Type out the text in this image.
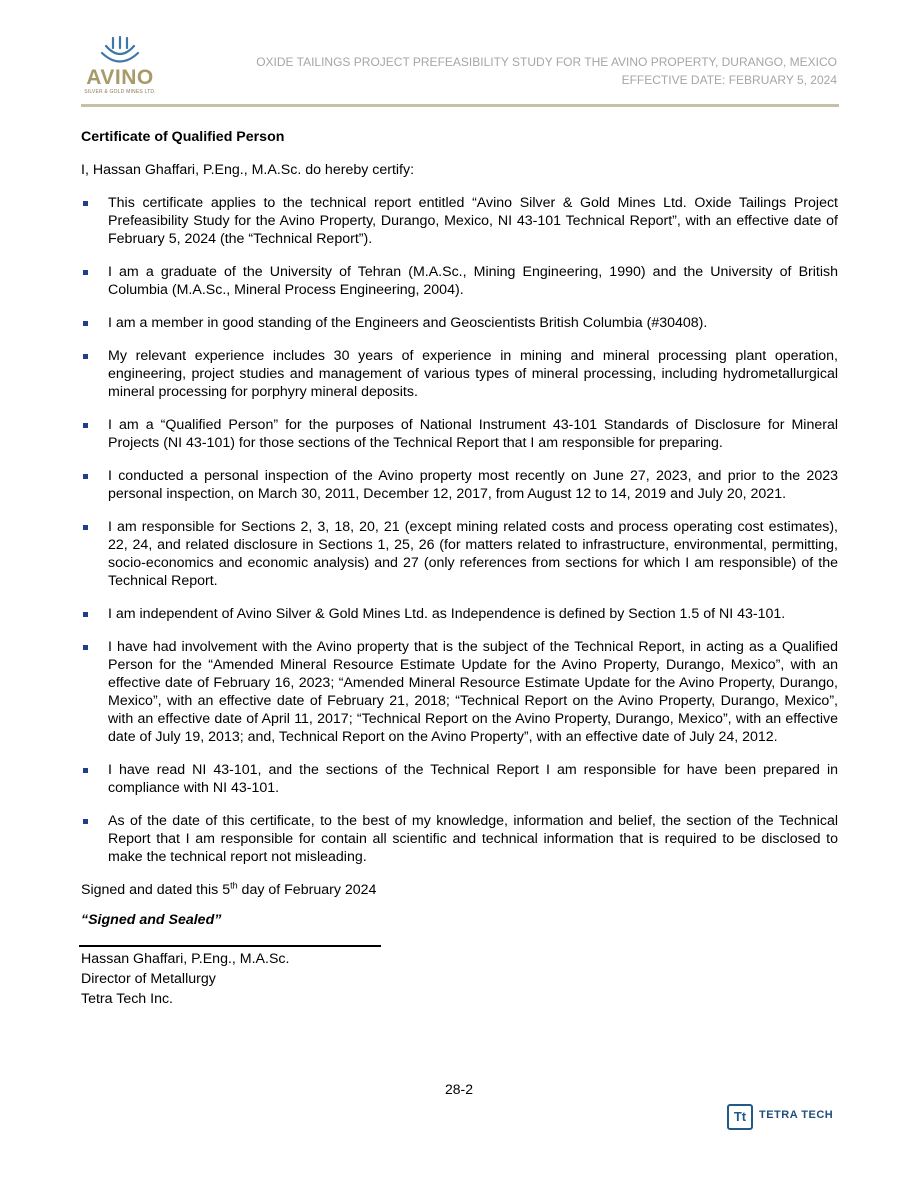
AVINO
SILVER & GOLD MINES LTD.
OXIDE TAILINGS PROJECT PREFEASIBILITY STUDY FOR THE AVINO PROPERTY, DURANGO, MEXICO
EFFECTIVE DATE: FEBRUARY 5, 2024
Certificate of Qualified Person
I, Hassan Ghaffari, P.Eng., M.A.Sc. do hereby certify:
This certificate applies to the technical report entitled “Avino Silver & Gold Mines Ltd. Oxide Tailings Project Prefeasibility Study for the Avino Property, Durango, Mexico, NI 43-101 Technical Report”, with an effective date of February 5, 2024 (the “Technical Report”).
I am a graduate of the University of Tehran (M.A.Sc., Mining Engineering, 1990) and the University of British Columbia (M.A.Sc., Mineral Process Engineering, 2004).
I am a member in good standing of the Engineers and Geoscientists British Columbia (#30408).
My relevant experience includes 30 years of experience in mining and mineral processing plant operation, engineering, project studies and management of various types of mineral processing, including hydrometallurgical mineral processing for porphyry mineral deposits.
I am a “Qualified Person” for the purposes of National Instrument 43-101 Standards of Disclosure for Mineral Projects (NI 43-101) for those sections of the Technical Report that I am responsible for preparing.
I conducted a personal inspection of the Avino property most recently on June 27, 2023, and prior to the 2023 personal inspection, on March 30, 2011, December 12, 2017, from August 12 to 14, 2019 and July 20, 2021.
I am responsible for Sections 2, 3, 18, 20, 21 (except mining related costs and process operating cost estimates), 22, 24, and related disclosure in Sections 1, 25, 26 (for matters related to infrastructure, environmental, permitting, socio-economics and economic analysis) and 27 (only references from sections for which I am responsible) of the Technical Report.
I am independent of Avino Silver & Gold Mines Ltd. as Independence is defined by Section 1.5 of NI 43-101.
I have had involvement with the Avino property that is the subject of the Technical Report, in acting as a Qualified Person for the “Amended Mineral Resource Estimate Update for the Avino Property, Durango, Mexico”, with an effective date of February 16, 2023; “Amended Mineral Resource Estimate Update for the Avino Property, Durango, Mexico”, with an effective date of February 21, 2018; “Technical Report on the Avino Property, Durango, Mexico”, with an effective date of April 11, 2017; “Technical Report on the Avino Property, Durango, Mexico”, with an effective date of July 19, 2013; and, Technical Report on the Avino Property”, with an effective date of July 24, 2012.
I have read NI 43-101, and the sections of the Technical Report I am responsible for have been prepared in compliance with NI 43-101.
As of the date of this certificate, to the best of my knowledge, information and belief, the section of the Technical Report that I am responsible for contain all scientific and technical information that is required to be disclosed to make the technical report not misleading.
Signed and dated this 5th day of February 2024
“Signed and Sealed”
Hassan Ghaffari, P.Eng., M.A.Sc.
Director of Metallurgy
Tetra Tech Inc.
28-2
Tt	TETRA TECH
